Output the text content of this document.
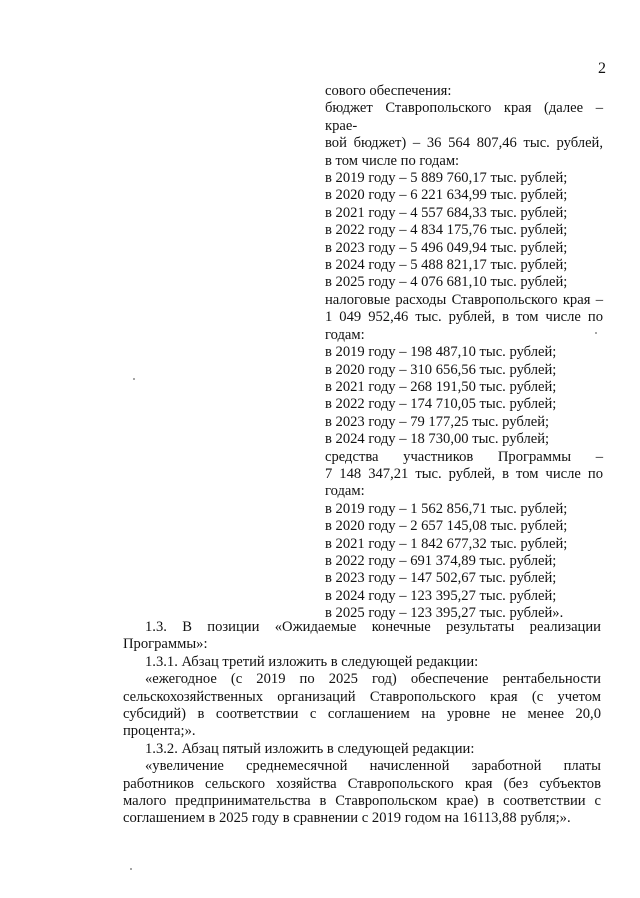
2
сового обеспечения:
бюджет Ставропольского края (далее – крае-
вой бюджет) – 36 564 807,46 тыс. рублей,
в том числе по годам:
в 2019 году – 5 889 760,17 тыс. рублей;
в 2020 году – 6 221 634,99 тыс. рублей;
в 2021 году – 4 557 684,33 тыс. рублей;
в 2022 году – 4 834 175,76 тыс. рублей;
в 2023 году – 5 496 049,94 тыс. рублей;
в 2024 году – 5 488 821,17 тыс. рублей;
в 2025 году – 4 076 681,10 тыс. рублей;
налоговые расходы Ставропольского края –
1 049 952,46 тыс. рублей, в том числе по
годам:
в 2019 году – 198 487,10 тыс. рублей;
в 2020 году – 310 656,56 тыс. рублей;
в 2021 году – 268 191,50 тыс. рублей;
в 2022 году – 174 710,05 тыс. рублей;
в 2023 году – 79 177,25 тыс. рублей;
в 2024 году – 18 730,00 тыс. рублей;
средства участников Программы –
7 148 347,21 тыс. рублей, в том числе по
годам:
в 2019 году – 1 562 856,71 тыс. рублей;
в 2020 году – 2 657 145,08 тыс. рублей;
в 2021 году – 1 842 677,32 тыс. рублей;
в 2022 году – 691 374,89 тыс. рублей;
в 2023 году – 147 502,67 тыс. рублей;
в 2024 году – 123 395,27 тыс. рублей;
в 2025 году – 123 395,27 тыс. рублей».

1.3. В позиции «Ожидаемые конечные результаты реализации Программы»:

1.3.1. Абзац третий изложить в следующей редакции:

«ежегодное (с 2019 по 2025 год) обеспечение рентабельности сельскохозяйственных организаций Ставропольского края (с учетом субсидий) в соответствии с соглашением на уровне не менее 20,0 процента;».

1.3.2. Абзац пятый изложить в следующей редакции:

«увеличение среднемесячной начисленной заработной платы работников сельского хозяйства Ставропольского края (без субъектов малого предпринимательства в Ставропольском крае) в соответствии с соглашением в 2025 году в сравнении с 2019 годом на 16113,88 рубля;».
